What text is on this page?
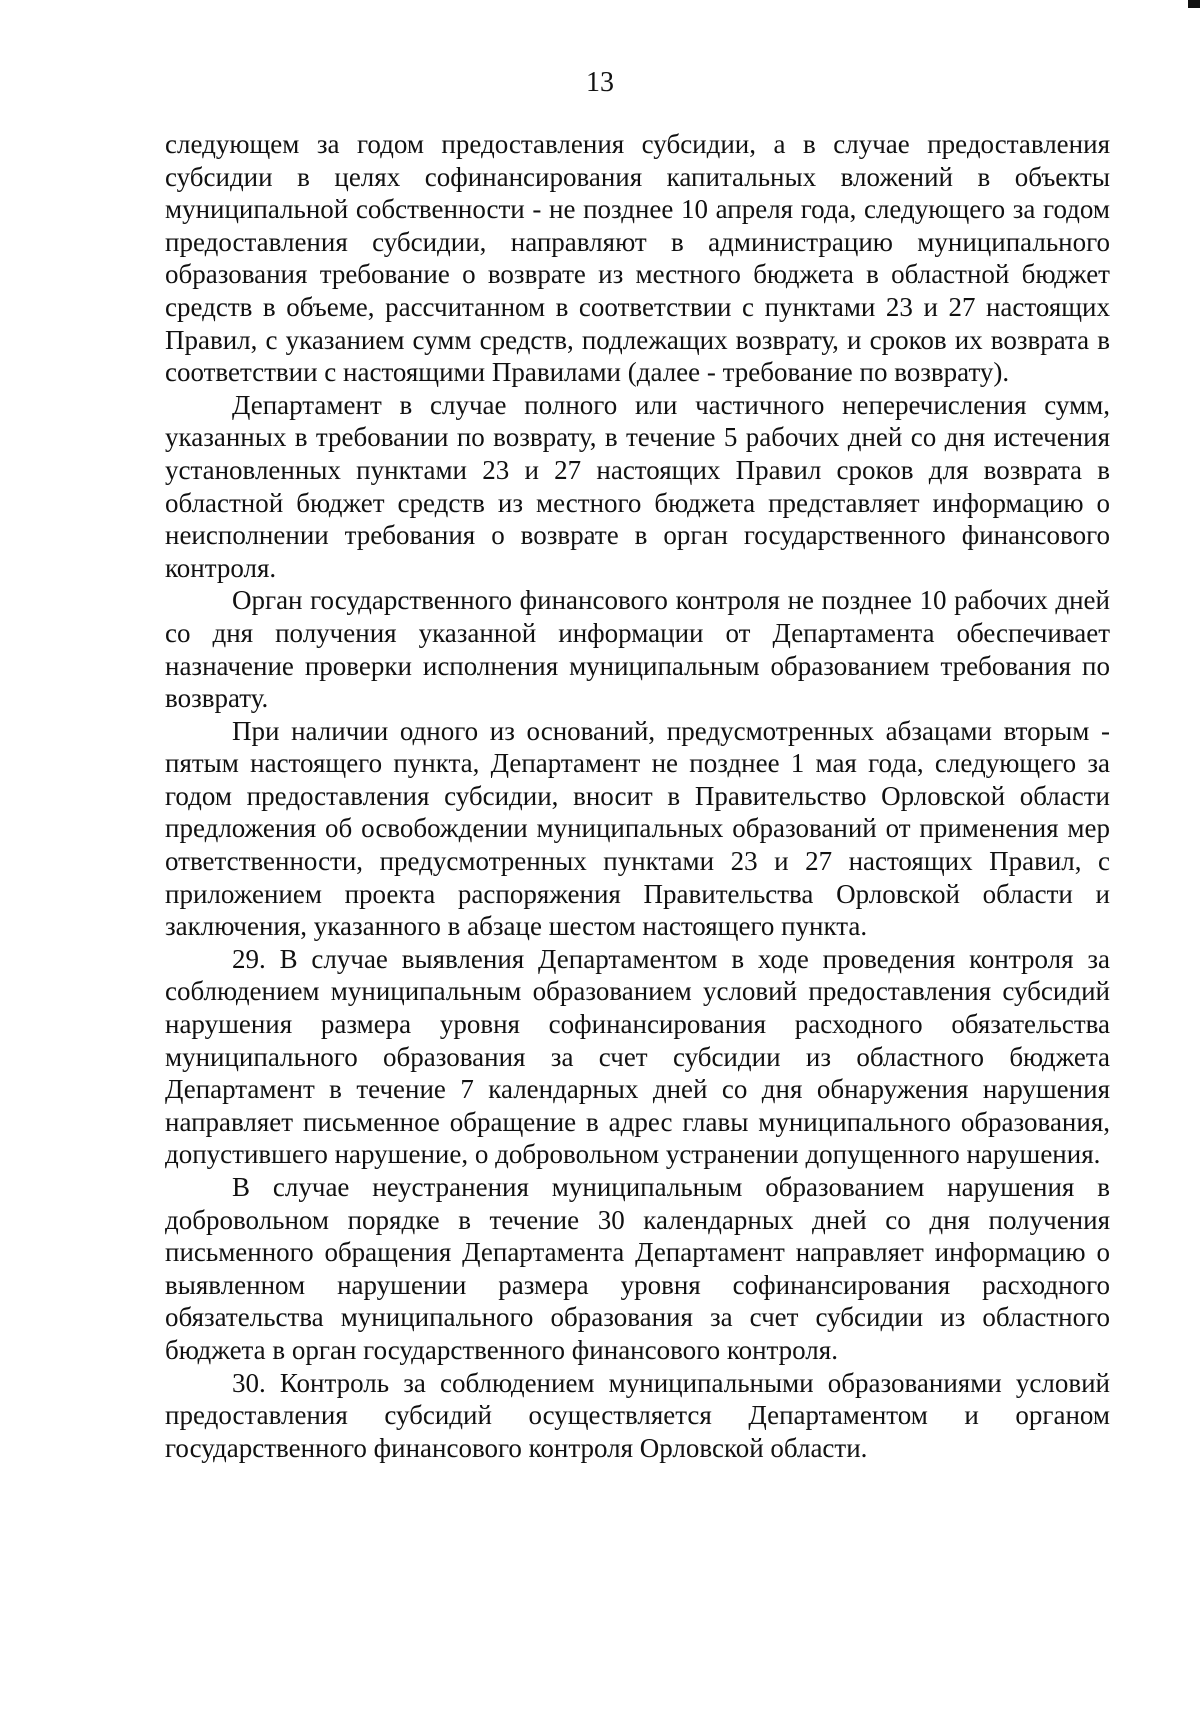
13

следующем за годом предоставления субсидии, а в случае предоставления субсидии в целях софинансирования капитальных вложений в объекты муниципальной собственности - не позднее 10 апреля года, следующего за годом предоставления субсидии, направляют в администрацию муниципального образования требование о возврате из местного бюджета в областной бюджет средств в объеме, рассчитанном в соответствии с пунктами 23 и 27 настоящих Правил, с указанием сумм средств, подлежащих возврату, и сроков их возврата в соответствии с настоящими Правилами (далее - требование по возврату).

Департамент в случае полного или частичного неперечисления сумм, указанных в требовании по возврату, в течение 5 рабочих дней со дня истечения установленных пунктами 23 и 27 настоящих Правил сроков для возврата в областной бюджет средств из местного бюджета представляет информацию о неисполнении требования о возврате в орган государственного финансового контроля.

Орган государственного финансового контроля не позднее 10 рабочих дней со дня получения указанной информации от Департамента обеспечивает назначение проверки исполнения муниципальным образованием требования по возврату.

При наличии одного из оснований, предусмотренных абзацами вторым - пятым настоящего пункта, Департамент не позднее 1 мая года, следующего за годом предоставления субсидии, вносит в Правительство Орловской области предложения об освобождении муниципальных образований от применения мер ответственности, предусмотренных пунктами 23 и 27 настоящих Правил, с приложением проекта распоряжения Правительства Орловской области и заключения, указанного в абзаце шестом настоящего пункта.

29. В случае выявления Департаментом в ходе проведения контроля за соблюдением муниципальным образованием условий предоставления субсидий нарушения размера уровня софинансирования расходного обязательства муниципального образования за счет субсидии из областного бюджета Департамент в течение 7 календарных дней со дня обнаружения нарушения направляет письменное обращение в адрес главы муниципального образования, допустившего нарушение, о добровольном устранении допущенного нарушения.

В случае неустранения муниципальным образованием нарушения в добровольном порядке в течение 30 календарных дней со дня получения письменного обращения Департамента Департамент направляет информацию о выявленном нарушении размера уровня софинансирования расходного обязательства муниципального образования за счет субсидии из областного бюджета в орган государственного финансового контроля.

30. Контроль за соблюдением муниципальными образованиями условий предоставления субсидий осуществляется Департаментом и органом государственного финансового контроля Орловской области.
